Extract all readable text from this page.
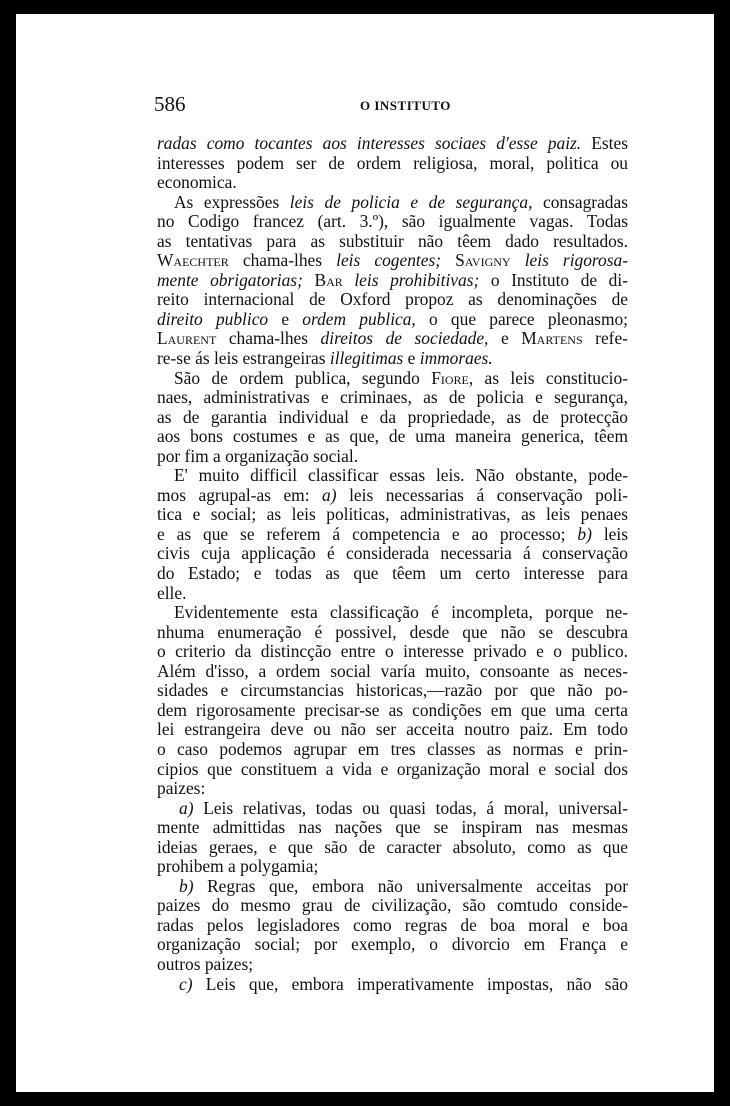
586	O INSTITUTO
radas como tocantes aos interesses sociaes d'esse paiz. Estes
interesses podem ser de ordem religiosa, moral, politica ou
economica.
As expressões leis de policia e de segurança, consagradas
no Codigo francez (art. 3.º), são igualmente vagas. Todas
as tentativas para as substituir não têem dado resultados.
Waechter chama-lhes leis cogentes; Savigny leis rigorosa-
mente obrigatorias; Bar leis prohibitivas; o Instituto de di-
reito internacional de Oxford propoz as denominações de
direito publico e ordem publica, o que parece pleonasmo;
Laurent chama-lhes direitos de sociedade, e Martens refe-
re-se ás leis estrangeiras illegitimas e immoraes.
São de ordem publica, segundo Fiore, as leis constitucio-
naes, administrativas e criminaes, as de policia e segurança,
as de garantia individual e da propriedade, as de protecção
aos bons costumes e as que, de uma maneira generica, têem
por fim a organização social.
E' muito difficil classificar essas leis. Não obstante, pode-
mos agrupal-as em: a) leis necessarias á conservação poli-
tica e social; as leis politicas, administrativas, as leis penaes
e as que se referem á competencia e ao processo; b) leis
civis cuja applicação é considerada necessaria á conservação
do Estado; e todas as que têem um certo interesse para
elle.
Evidentemente esta classificação é incompleta, porque ne-
nhuma enumeração é possivel, desde que não se descubra
o criterio da distincção entre o interesse privado e o publico.
Além d'isso, a ordem social varía muito, consoante as neces-
sidades e circumstancias historicas,—razão por que não po-
dem rigorosamente precisar-se as condições em que uma certa
lei estrangeira deve ou não ser acceita noutro paiz. Em todo
o caso podemos agrupar em tres classes as normas e prin-
cipios que constituem a vida e organização moral e social dos
paizes:
a) Leis relativas, todas ou quasi todas, á moral, universal-
mente admittidas nas nações que se inspiram nas mesmas
ideias geraes, e que são de caracter absoluto, como as que
prohibem a polygamia;
b) Regras que, embora não universalmente acceitas por
paizes do mesmo grau de civilização, são comtudo conside-
radas pelos legisladores como regras de boa moral e boa
organização social; por exemplo, o divorcio em França e
outros paizes;
c) Leis que, embora imperativamente impostas, não são
